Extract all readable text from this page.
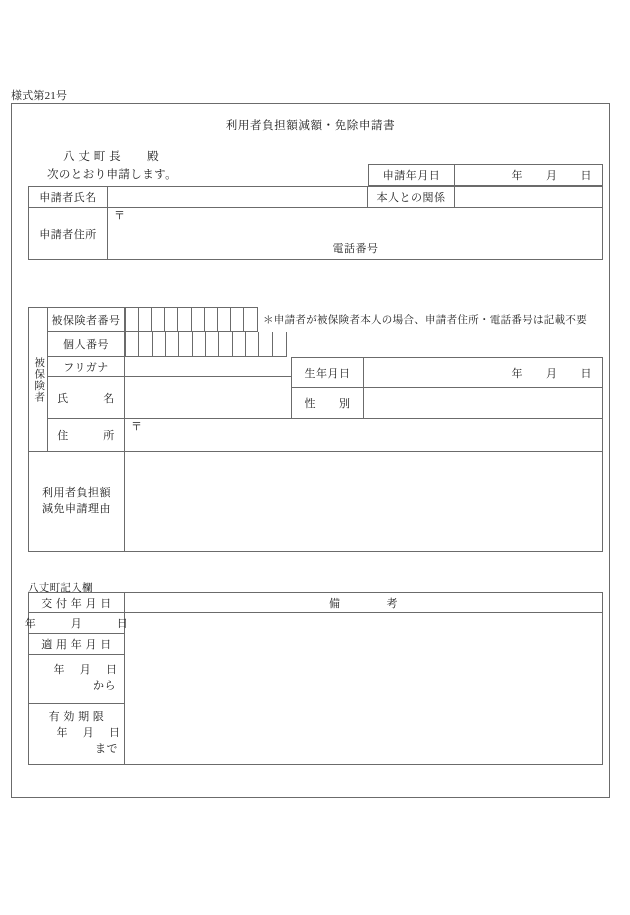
様式第21号
利用者負担額減額・免除申請書
八 丈 町 長 殿
次のとおり申請します。	申請年月日	年　　月　　日
申請者氏名	本人との関係
申請者住所
〒
電話番号
被保険者
被保険者番号	＊申請者が被保険者本人の場合、申請者住所・電話番号は記載不要
個人番号
フリガナ
氏　　　名
生年月日	年　　月　　日
性　　別
住　　　所
〒
利用者負担額
減免申請理由
八丈町記入欄
交 付 年 月 日	備　　　　考
年　　　月　　　日
適 用 年 月 日
年　 月　 日
から
有 効 期 限
年　 月　 日
まで
